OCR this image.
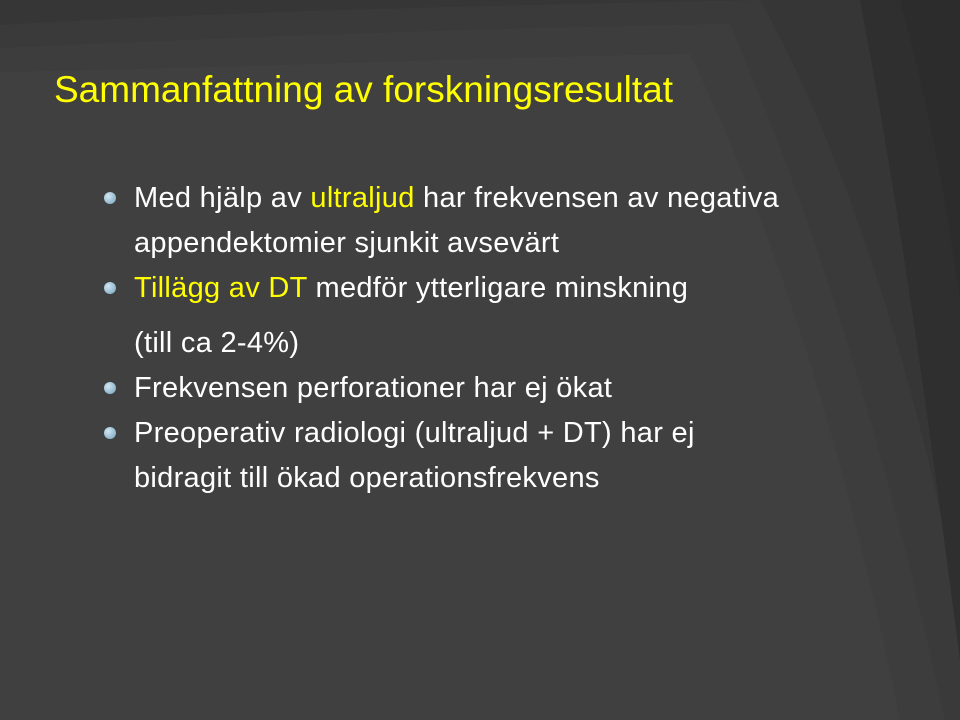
Sammanfattning av forskningsresultat
Med hjälp av ultraljud har frekvensen av negativa
appendektomier sjunkit avsevärt
Tillägg av DT medför ytterligare minskning
(till ca 2-4%)
Frekvensen perforationer har ej ökat
Preoperativ radiologi (ultraljud + DT) har ej
bidragit till ökad operationsfrekvens
